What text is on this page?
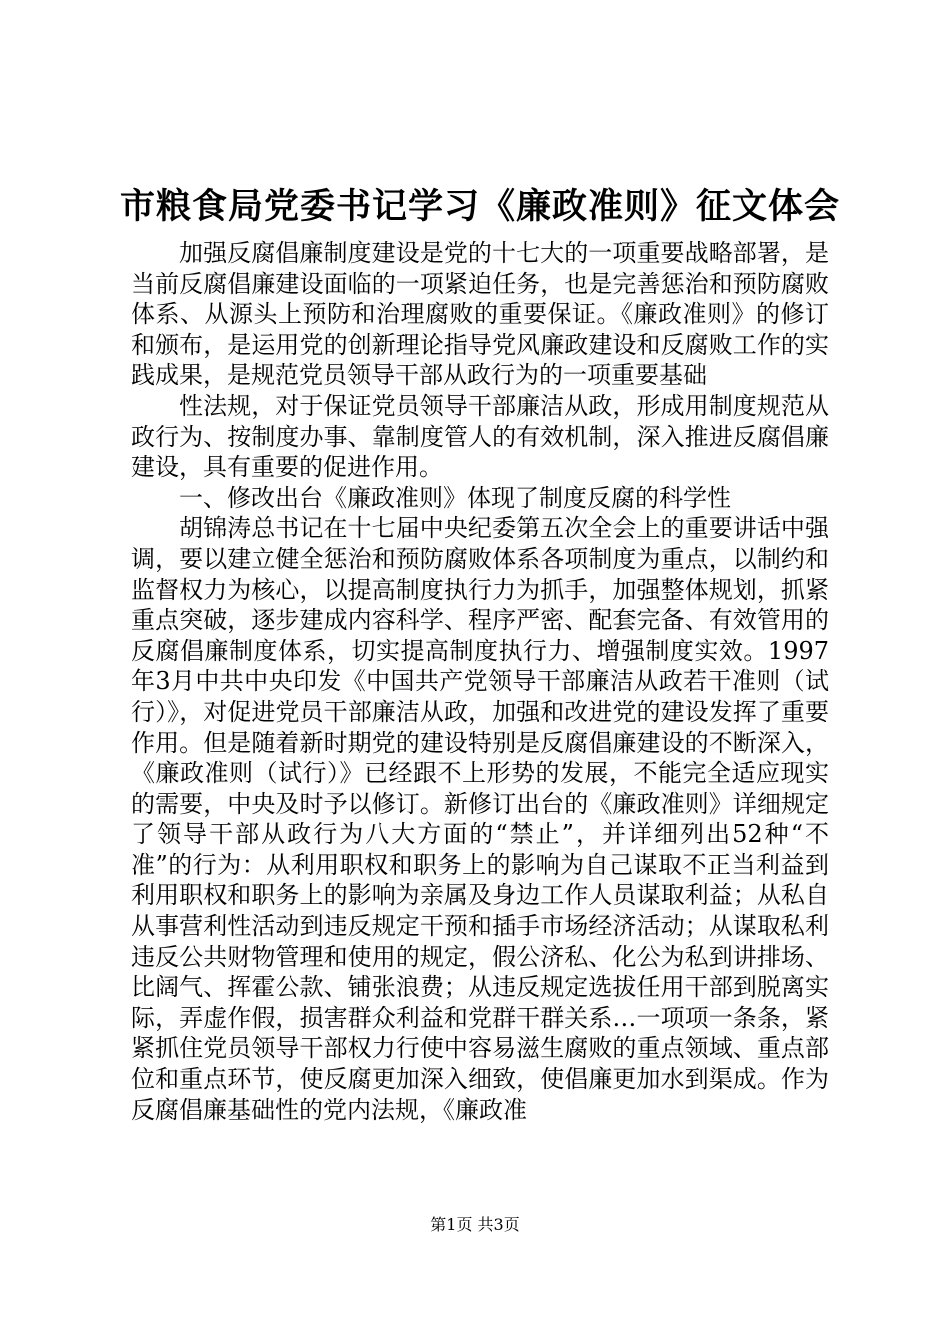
市粮食局党委书记学习《廉政准则》征文体会

加强反腐倡廉制度建设是党的十七大的一项重要战略部署，是当前反腐倡廉建设面临的一项紧迫任务，也是完善惩治和预防腐败体系、从源头上预防和治理腐败的重要保证。《廉政准则》的修订和颁布，是运用党的创新理论指导党风廉政建设和反腐败工作的实践成果，是规范党员领导干部从政行为的一项重要基础

性法规，对于保证党员领导干部廉洁从政，形成用制度规范从政行为、按制度办事、靠制度管人的有效机制，深入推进反腐倡廉建设，具有重要的促进作用。

一、修改出台《廉政准则》体现了制度反腐的科学性

胡锦涛总书记在十七届中央纪委第五次全会上的重要讲话中强调，要以建立健全惩治和预防腐败体系各项制度为重点，以制约和监督权力为核心，以提高制度执行力为抓手，加强整体规划，抓紧重点突破，逐步建成内容科学、程序严密、配套完备、有效管用的反腐倡廉制度体系，切实提高制度执行力、增强制度实效。1997年3月中共中央印发《中国共产党领导干部廉洁从政若干准则（试行）》，对促进党员干部廉洁从政，加强和改进党的建设发挥了重要作用。但是随着新时期党的建设特别是反腐倡廉建设的不断深入，《廉政准则（试行）》已经跟不上形势的发展，不能完全适应现实的需要，中央及时予以修订。新修订出台的《廉政准则》详细规定了领导干部从政行为八大方面的“禁止”，并详细列出52种“不准”的行为：从利用职权和职务上的影响为自己谋取不正当利益到利用职权和职务上的影响为亲属及身边工作人员谋取利益；从私自从事营利性活动到违反规定干预和插手市场经济活动；从谋取私利违反公共财物管理和使用的规定，假公济私、化公为私到讲排场、比阔气、挥霍公款、铺张浪费；从违反规定选拔任用干部到脱离实际，弄虚作假，损害群众利益和党群干群关系…一项项一条条，紧紧抓住党员领导干部权力行使中容易滋生腐败的重点领域、重点部位和重点环节，使反腐更加深入细致，使倡廉更加水到渠成。作为反腐倡廉基础性的党内法规，《廉政准

第1页 共3页
